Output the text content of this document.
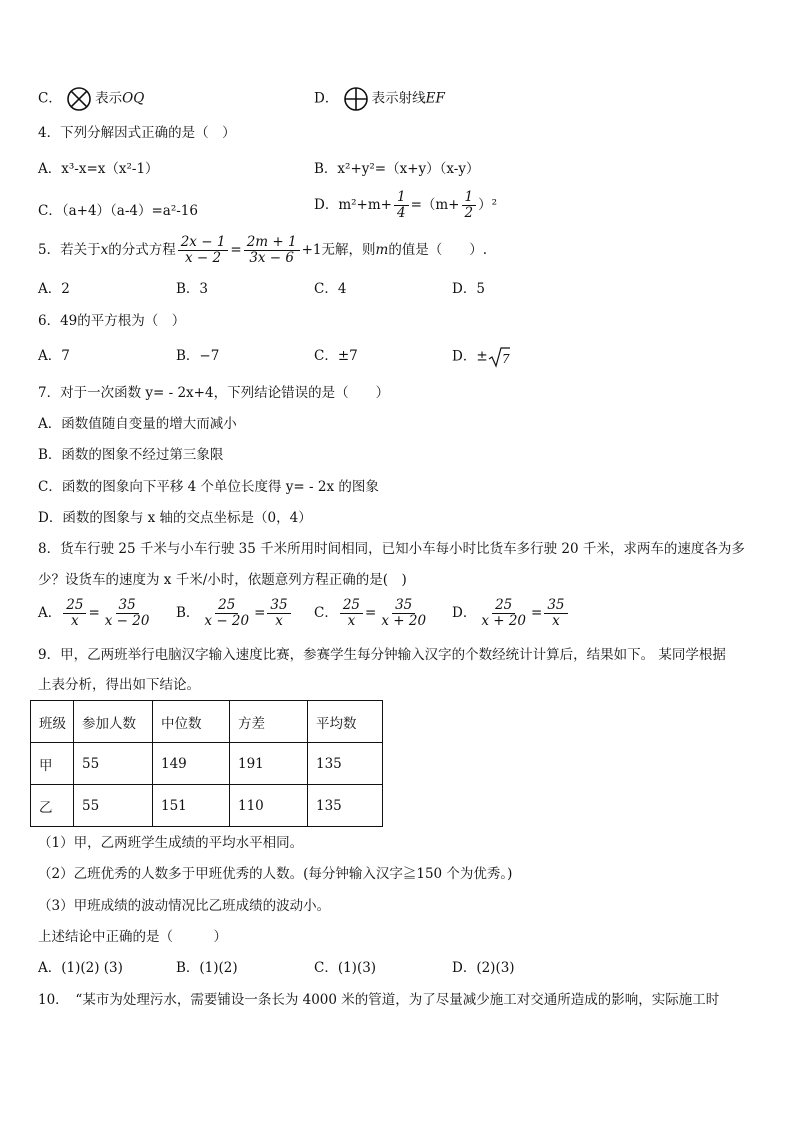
C． 表示OQ	D． 表示射线EF
4．下列分解因式正确的是（　）
A．x³-x=x（x²-1）	B．x²+y²=（x+y）（x-y）
C．（a+4）（a-4）=a²-16	D．$m^2+m+ \frac{1}{4} =(m+ \frac{1}{2} )^2$
5．若关于x的分式方程 $\frac{2x - 1}{x - 2} = \frac{2m + 1}{3x - 6} +1$无解，则m的值是（　　）.
A．2	B．3	C．4	D．5
6．49的平方根为（　）
A．7	B．−7	C．±7	D．± 7
7．对于一次函数 y= - 2x+4，下列结论错误的是（　　）
A．函数值随自变量的增大而减小
B．函数的图象不经过第三象限
C．函数的图象向下平移 4 个单位长度得 y= - 2x 的图象
D．函数的图象与 x 轴的交点坐标是（0，4）
8．货车行驶 25 千米与小车行驶 35 千米所用时间相同，已知小车每小时比货车多行驶 20 千米，求两车的速度各为多
少？设货车的速度为 x 千米/小时，依题意列方程正确的是(　)
A． $\frac{25}{x} = \frac{35}{x - 20}$ B． $\frac{25}{x - 20} = \frac{35}{x}$ C． $\frac{25}{x} = \frac{35}{x + 20}$ D． $\frac{25}{x + 20} = \frac{35}{x}$
9．甲，乙两班举行电脑汉字输入速度比赛，参赛学生每分钟输入汉字的个数经统计计算后，结果如下。 某同学根据
上表分析，得出如下结论。
班级	参加人数	中位数	方差	平均数
甲	55	149	191	135
乙	55	151	110	135
（1）甲，乙两班学生成绩的平均水平相同。
（2）乙班优秀的人数多于甲班优秀的人数。(每分钟输入汉字≧150 个为优秀。)
（3）甲班成绩的波动情况比乙班成绩的波动小。
上述结论中正确的是（　　　）
A．(1)(2) (3)	B．(1)(2)	C．(1)(3)	D．(2)(3)
10．　“某市为处理污水，需要铺设一条长为 4000 米的管道，为了尽量减少施工对交通所造成的影响，实际施工时
